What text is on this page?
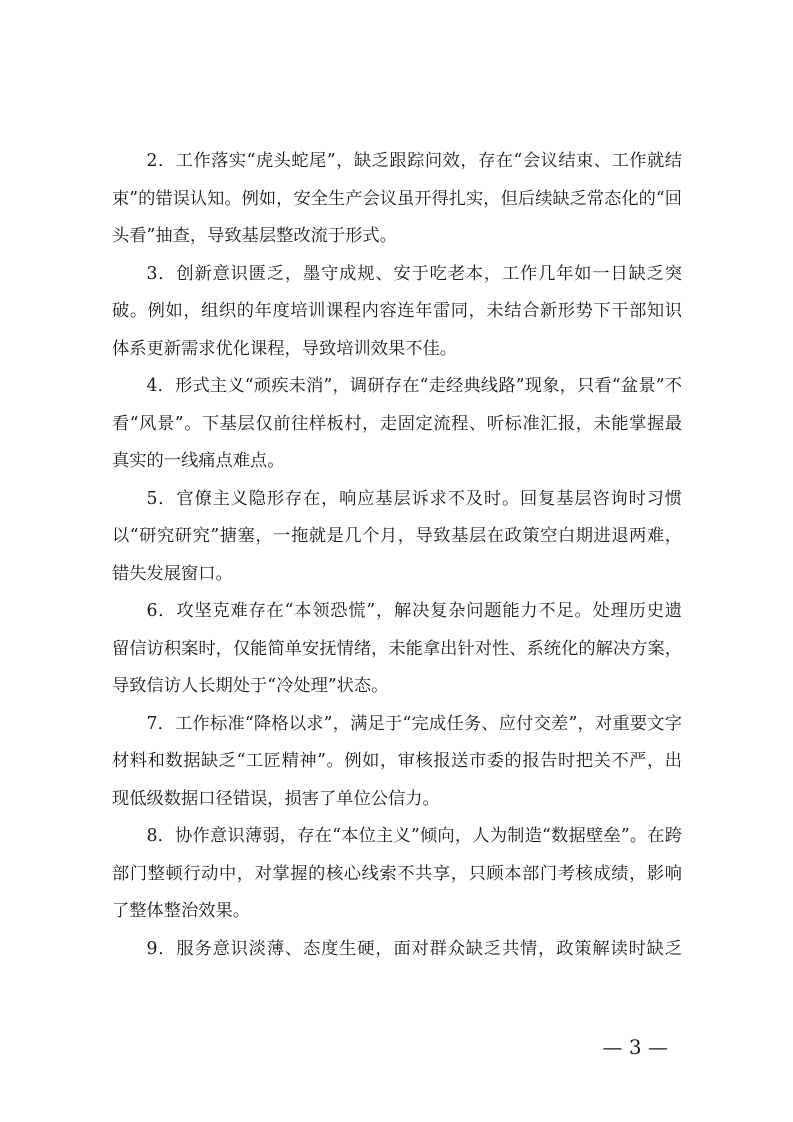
2．工作落实“虎头蛇尾”，缺乏跟踪问效，存在“会议结束、工作就结
束”的错误认知。例如，安全生产会议虽开得扎实，但后续缺乏常态化的“回
头看”抽查，导致基层整改流于形式。
3．创新意识匮乏，墨守成规、安于吃老本，工作几年如一日缺乏突
破。例如，组织的年度培训课程内容连年雷同，未结合新形势下干部知识
体系更新需求优化课程，导致培训效果不佳。
4．形式主义“顽疾未消”，调研存在“走经典线路”现象，只看“盆景”不
看“风景”。下基层仅前往样板村，走固定流程、听标准汇报，未能掌握最
真实的一线痛点难点。
5．官僚主义隐形存在，响应基层诉求不及时。回复基层咨询时习惯
以“研究研究”搪塞，一拖就是几个月，导致基层在政策空白期进退两难，
错失发展窗口。
6．攻坚克难存在“本领恐慌”，解决复杂问题能力不足。处理历史遗
留信访积案时，仅能简单安抚情绪，未能拿出针对性、系统化的解决方案，
导致信访人长期处于“冷处理”状态。
7．工作标准“降格以求”，满足于“完成任务、应付交差”，对重要文字
材料和数据缺乏“工匠精神”。例如，审核报送市委的报告时把关不严，出
现低级数据口径错误，损害了单位公信力。
8．协作意识薄弱，存在“本位主义”倾向，人为制造“数据壁垒”。在跨
部门整顿行动中，对掌握的核心线索不共享，只顾本部门考核成绩，影响
了整体整治效果。
9．服务意识淡薄、态度生硬，面对群众缺乏共情，政策解读时缺乏
— 3 —
